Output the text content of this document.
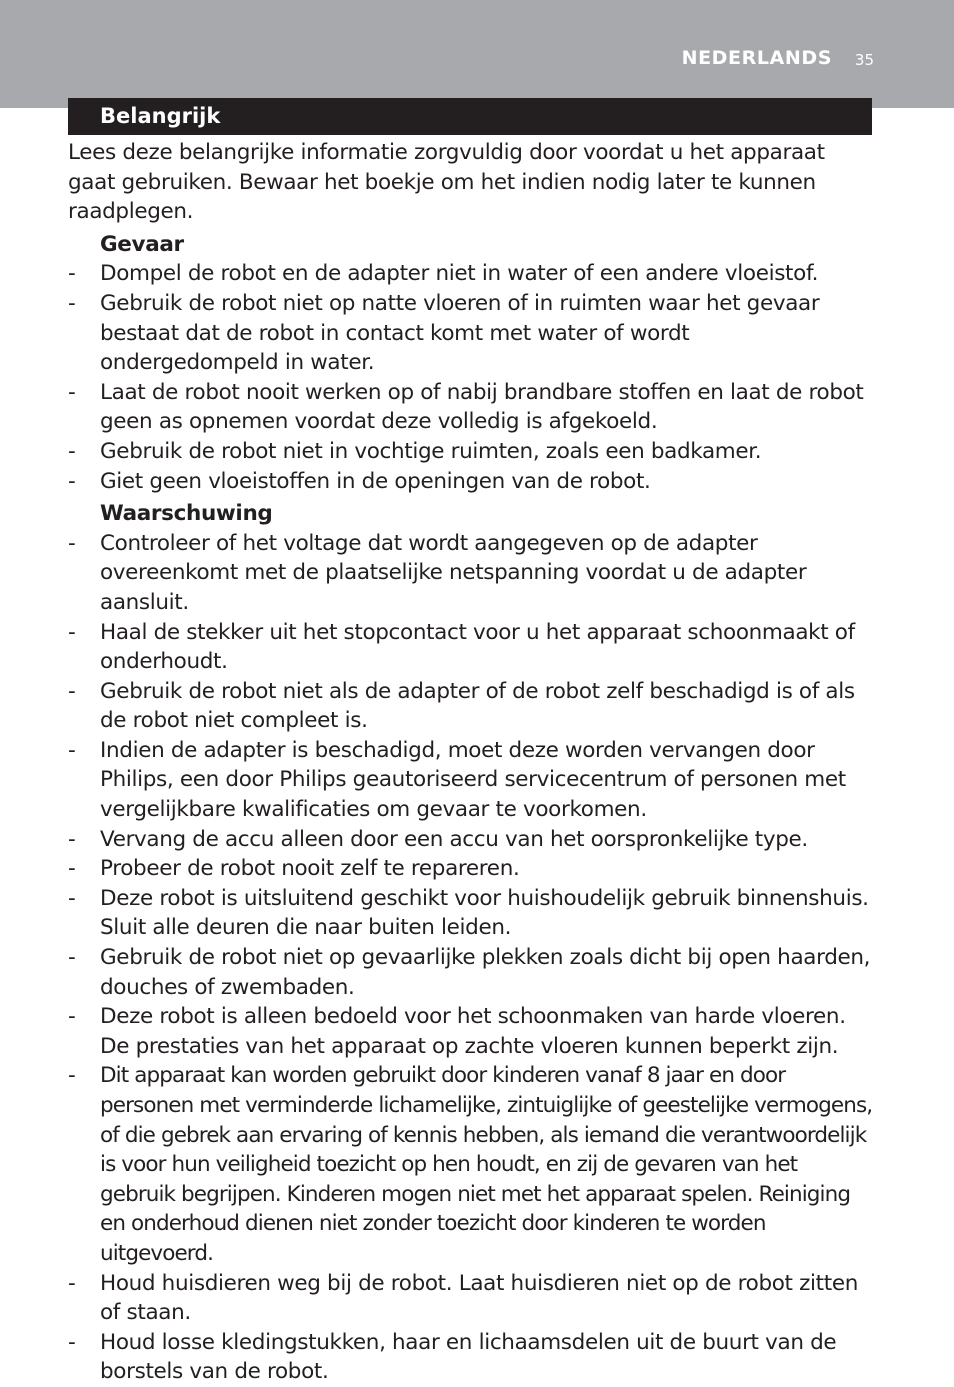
NEDERLANDS 35
Belangrijk

Lees deze belangrijke informatie zorgvuldig door voordat u het apparaat gaat gebruiken. Bewaar het boekje om het indien nodig later te kunnen raadplegen.

Gevaar
- Dompel de robot en de adapter niet in water of een andere vloeistof.
- Gebruik de robot niet op natte vloeren of in ruimten waar het gevaar bestaat dat de robot in contact komt met water of wordt ondergedompeld in water.
- Laat de robot nooit werken op of nabij brandbare stoffen en laat de robot geen as opnemen voordat deze volledig is afgekoeld.
- Gebruik de robot niet in vochtige ruimten, zoals een badkamer.
- Giet geen vloeistoffen in de openingen van de robot.
Waarschuwing
- Controleer of het voltage dat wordt aangegeven op de adapter overeenkomt met de plaatselijke netspanning voordat u de adapter aansluit.
- Haal de stekker uit het stopcontact voor u het apparaat schoonmaakt of onderhoudt.
- Gebruik de robot niet als de adapter of de robot zelf beschadigd is of als de robot niet compleet is.
- Indien de adapter is beschadigd, moet deze worden vervangen door Philips, een door Philips geautoriseerd servicecentrum of personen met vergelijkbare kwalificaties om gevaar te voorkomen.
- Vervang de accu alleen door een accu van het oorspronkelijke type.
- Probeer de robot nooit zelf te repareren.
- Deze robot is uitsluitend geschikt voor huishoudelijk gebruik binnenshuis. Sluit alle deuren die naar buiten leiden.
- Gebruik de robot niet op gevaarlijke plekken zoals dicht bij open haarden, douches of zwembaden.
- Deze robot is alleen bedoeld voor het schoonmaken van harde vloeren. De prestaties van het apparaat op zachte vloeren kunnen beperkt zijn.
- Dit apparaat kan worden gebruikt door kinderen vanaf 8 jaar en door personen met verminderde lichamelijke, zintuiglijke of geestelijke vermogens, of die gebrek aan ervaring of kennis hebben, als iemand die verantwoordelijk is voor hun veiligheid toezicht op hen houdt, en zij de gevaren van het gebruik begrijpen. Kinderen mogen niet met het apparaat spelen. Reiniging en onderhoud dienen niet zonder toezicht door kinderen te worden uitgevoerd.
- Houd huisdieren weg bij de robot. Laat huisdieren niet op de robot zitten of staan.
- Houd losse kledingstukken, haar en lichaamsdelen uit de buurt van de borstels van de robot.
